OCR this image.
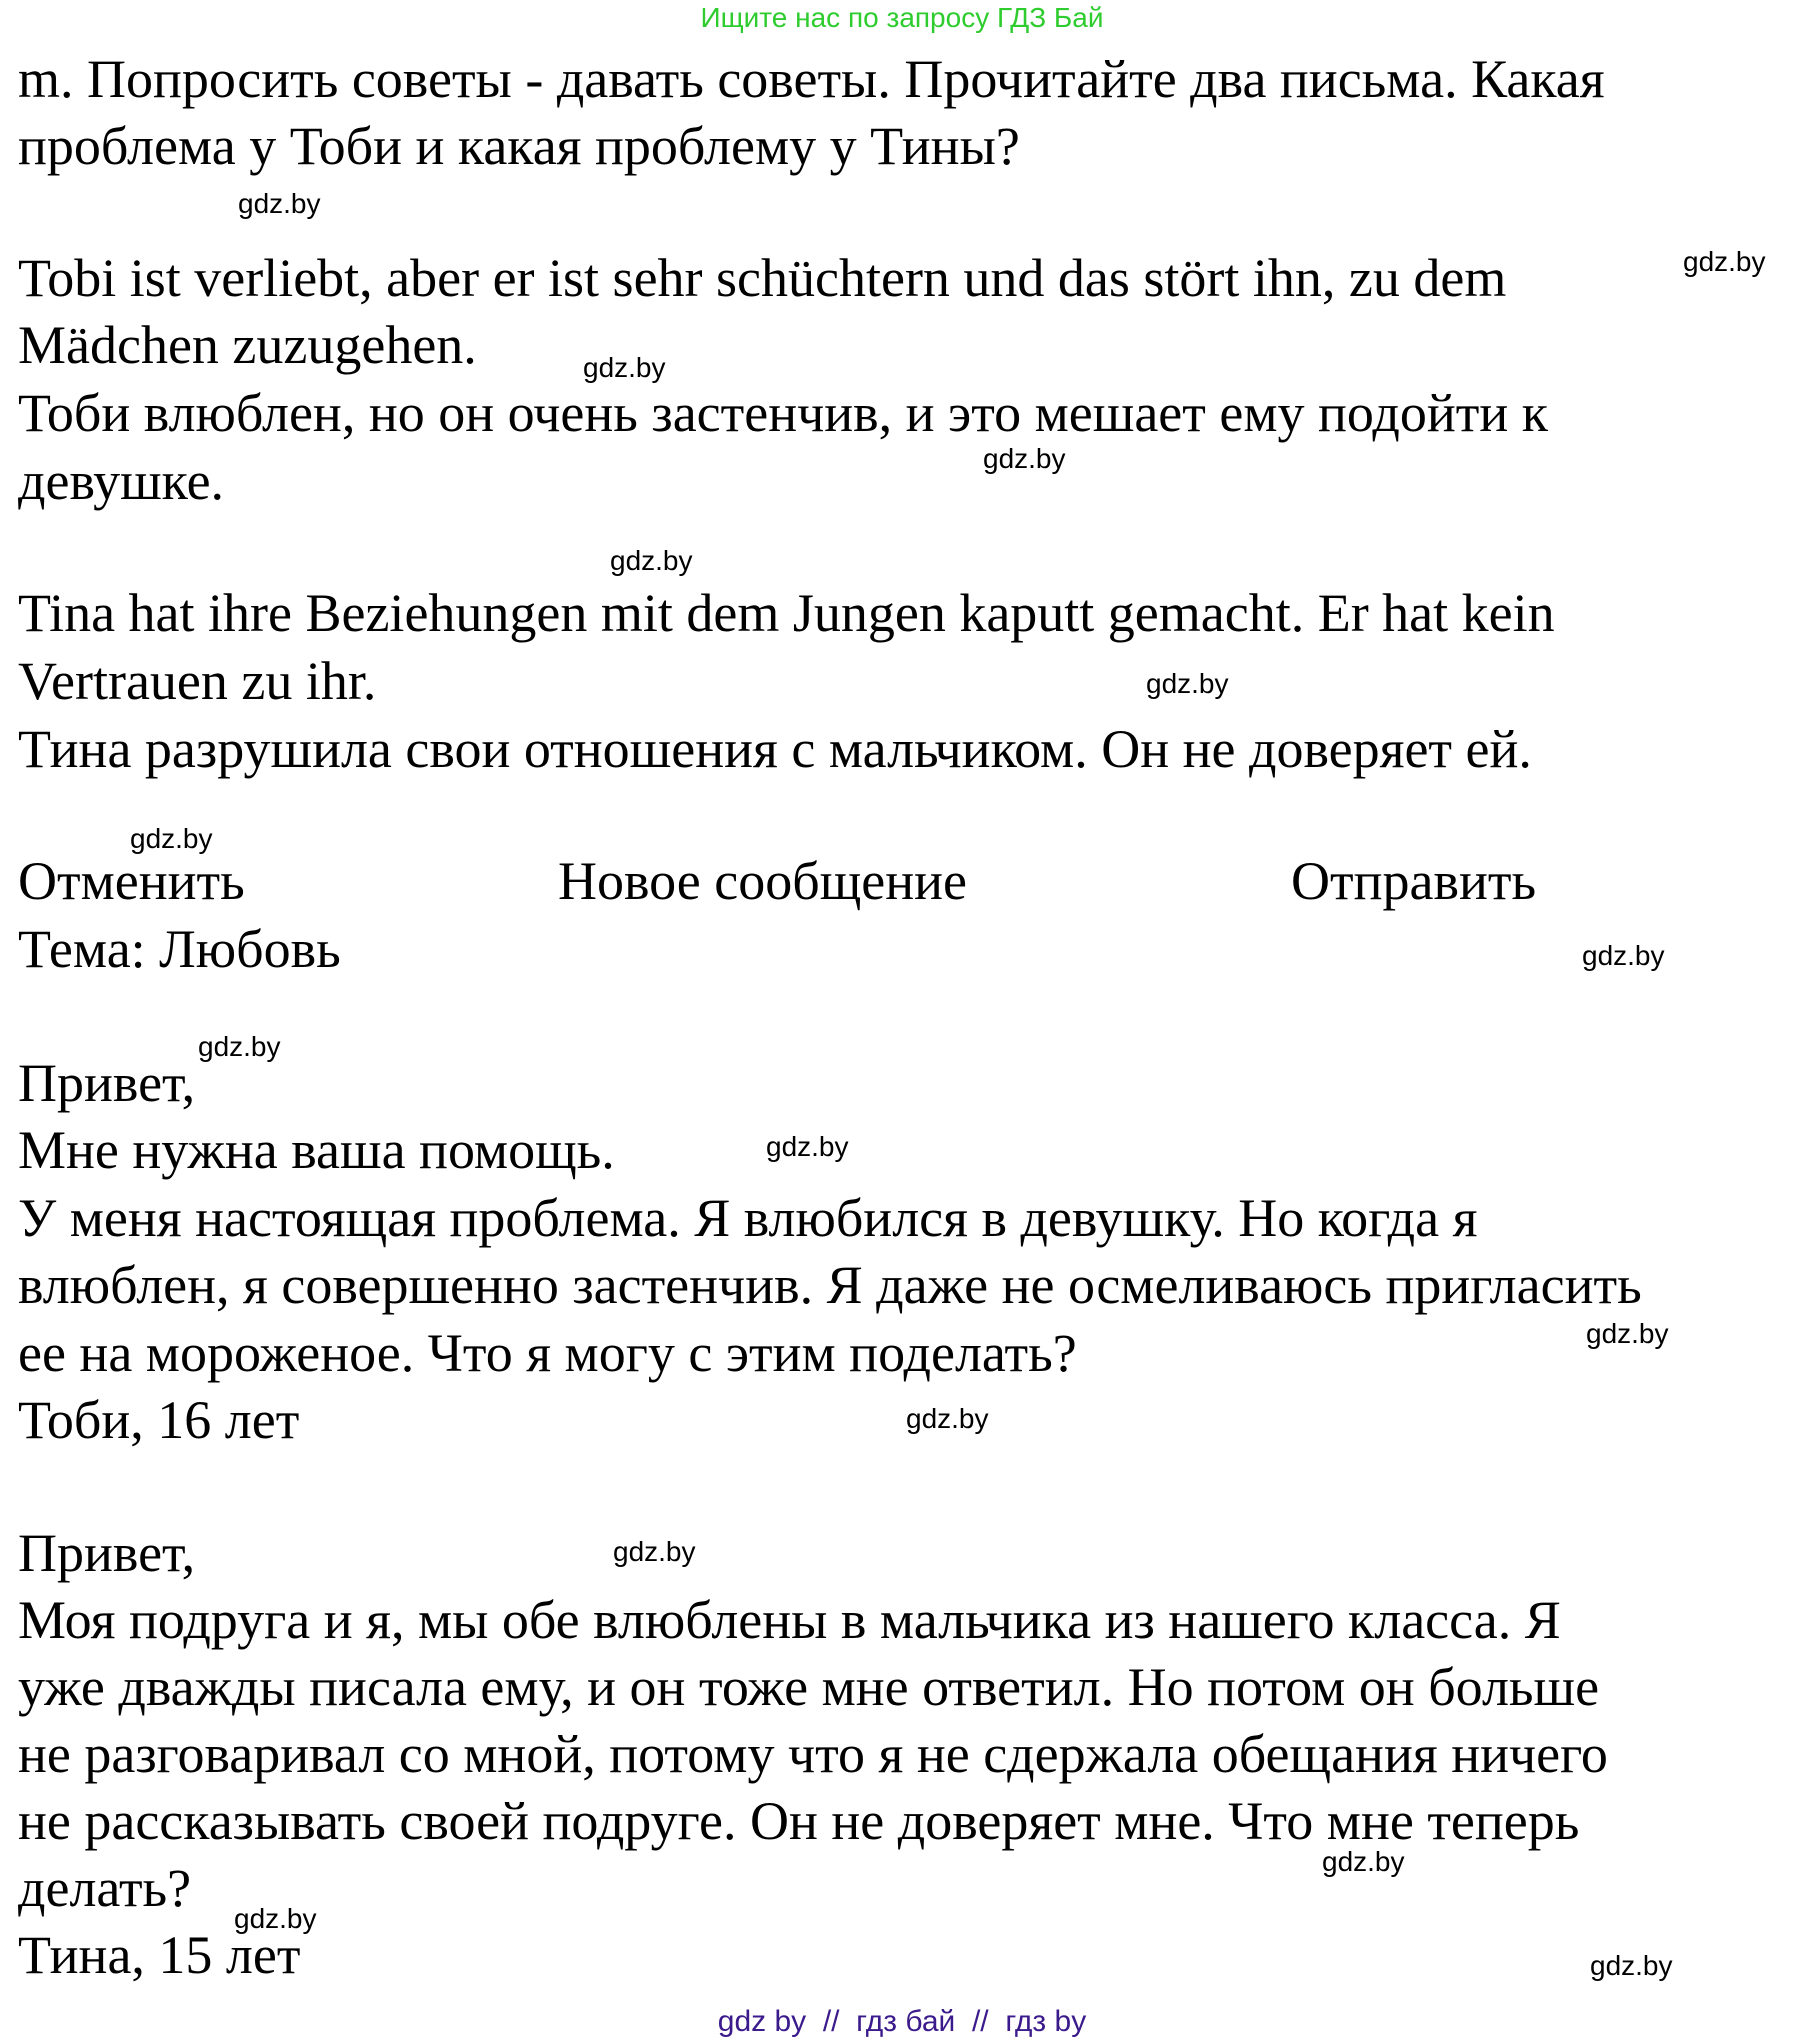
Ищите нас по запросу ГДЗ Бай
m. Попросить советы - давать советы. Прочитайте два письма. Какая
проблема у Тоби и какая проблему у Тины?
Tobi ist verliebt, aber er ist sehr schüchtern und das stört ihn, zu dem
Mädchen zuzugehen.
Тоби влюблен, но он очень застенчив, и это мешает ему подойти к
девушке.
Tina hat ihre Beziehungen mit dem Jungen kaputt gemacht. Er hat kein
Vertrauen zu ihr.
Тина разрушила свои отношения с мальчиком. Он не доверяет ей.
Отменить	Новое сообщение	Отправить
Тема: Любовь
Привет,
Мне нужна ваша помощь.
У меня настоящая проблема. Я влюбился в девушку. Но когда я
влюблен, я совершенно застенчив. Я даже не осмеливаюсь пригласить
ее на мороженое. Что я могу с этим поделать?
Тоби, 16 лет
Привет,
Моя подруга и я, мы обе влюблены в мальчика из нашего класса. Я
уже дважды писала ему, и он тоже мне ответил. Но потом он больше
не разговаривал со мной, потому что я не сдержала обещания ничего
не рассказывать своей подруге. Он не доверяет мне. Что мне теперь
делать?
Тина, 15 лет
gdz.by
gdz.by
gdz.by
gdz.by
gdz.by
gdz.by
gdz.by
gdz.by
gdz.by
gdz.by
gdz.by
gdz.by
gdz.by
gdz.by
gdz.by
gdz.by
gdz by  //  гдз бай  //  гдз by
